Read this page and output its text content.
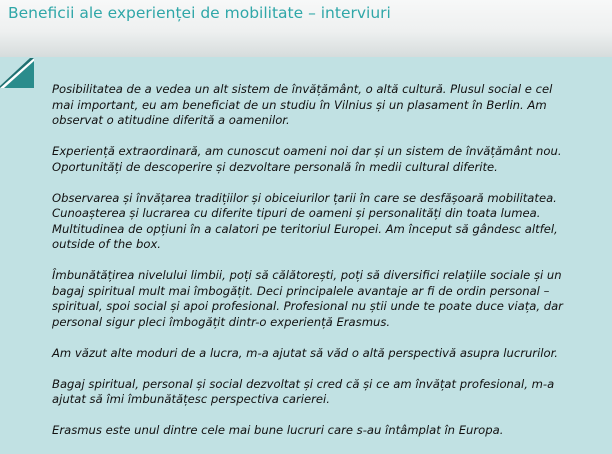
Beneficii ale experienței de mobilitate – interviuri

Posibilitatea de a vedea un alt sistem de învățământ, o altă cultură. Plusul social e cel
mai important, eu am beneficiat de un studiu în Vilnius și un plasament în Berlin. Am
observat o atitudine diferită a oamenilor.

Experiență extraordinară, am cunoscut oameni noi dar și un sistem de învățământ nou.
Oportunități de descoperire și dezvoltare personală în medii cultural diferite.

Observarea și învățarea tradițiilor și obiceiurilor țarii în care se desfășoară mobilitatea.
Cunoașterea și lucrarea cu diferite tipuri de oameni și personalități din toata lumea.
Multitudinea de opțiuni în a calatori pe teritoriul Europei. Am început să gândesc altfel,
outside of the box.

Îmbunătățirea nivelului limbii, poți să călătorești, poți să diversifici relațiile sociale și un
bagaj spiritual mult mai îmbogățit. Deci principalele avantaje ar fi de ordin personal –
spiritual, spoi social și apoi profesional. Profesional nu știi unde te poate duce viața, dar
personal sigur pleci îmbogățit dintr-o experiență Erasmus.

Am văzut alte moduri de a lucra, m-a ajutat să văd o altă perspectivă asupra lucrurilor.

Bagaj spiritual, personal și social dezvoltat și cred că și ce am învățat profesional, m-a
ajutat să îmi îmbunătățesc perspectiva carierei.

Erasmus este unul dintre cele mai bune lucruri care s-au întâmplat în Europa.
